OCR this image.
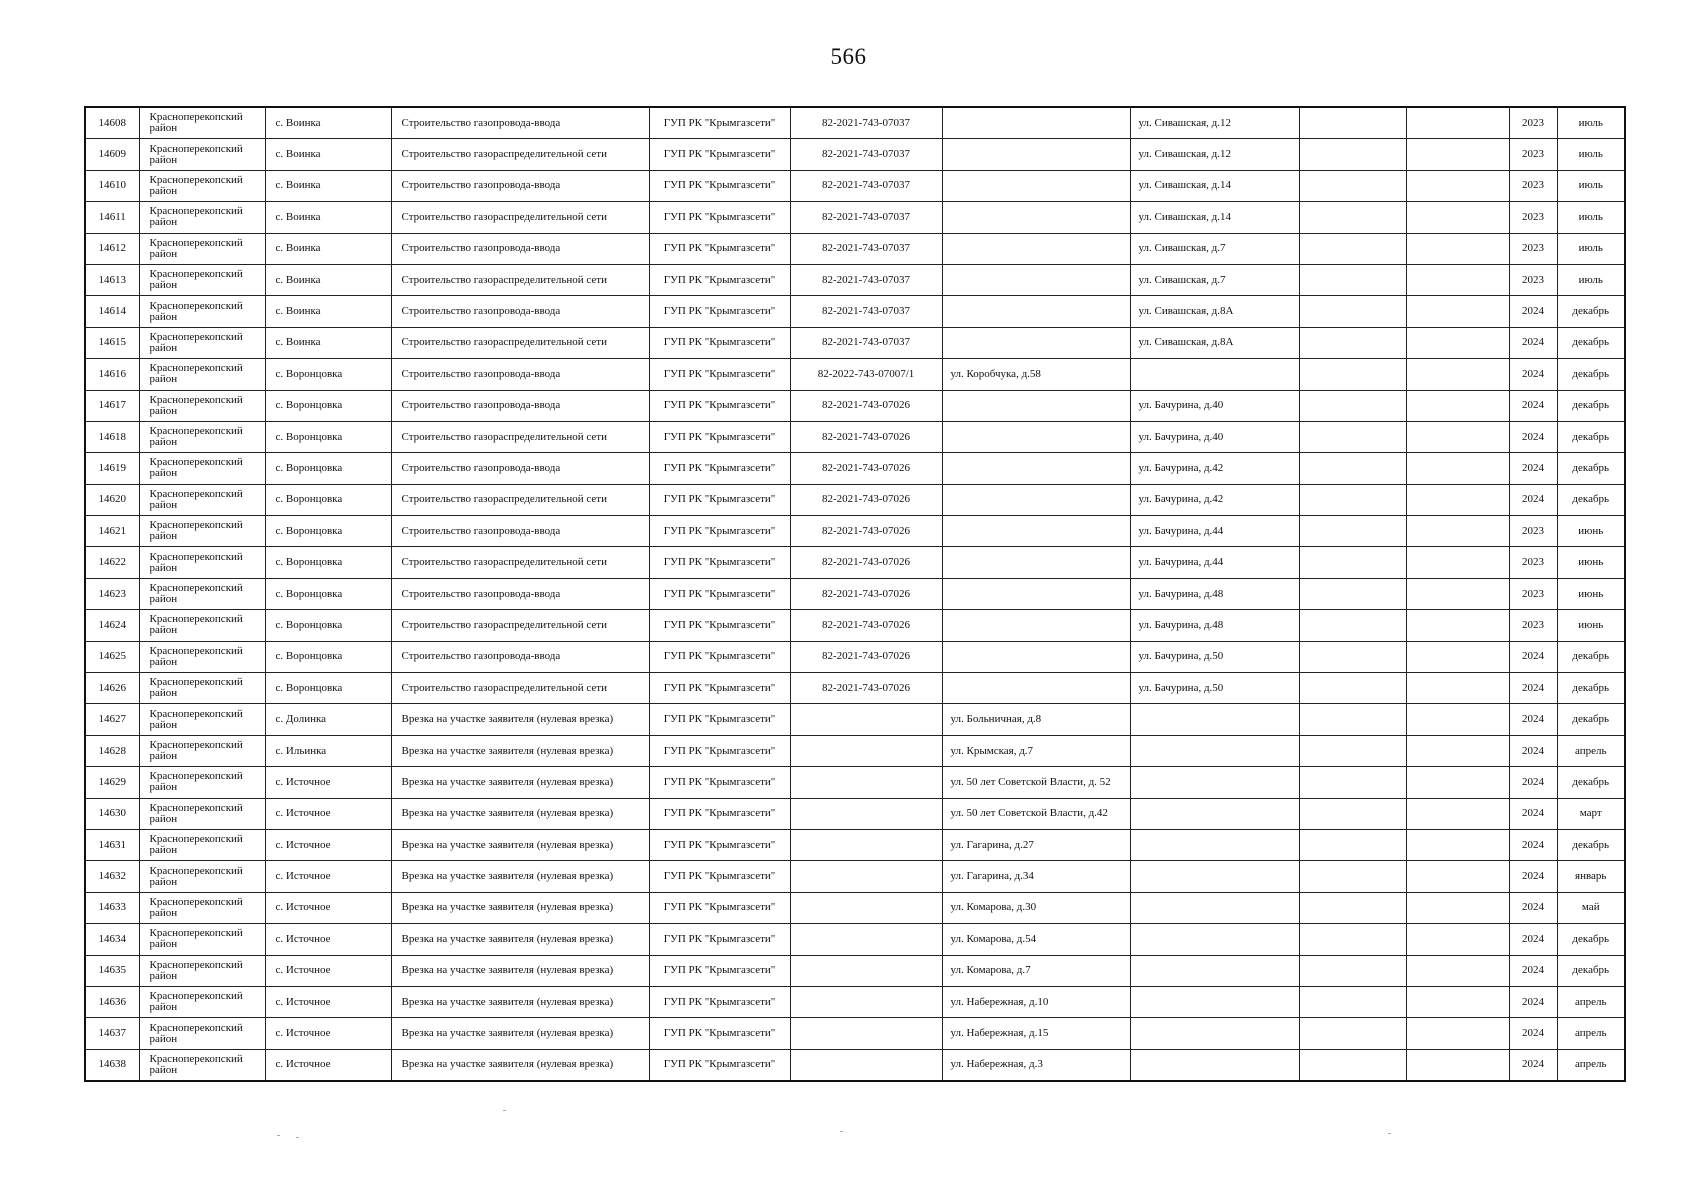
566
14608	Красноперекопский район	с. Воинка	Строительство газопровода-ввода	ГУП РК "Крымгазсети"	82-2021-743-07037		ул. Сивашская, д.12			2023	июль
14609	Красноперекопский район	с. Воинка	Строительство газораспределительной сети	ГУП РК "Крымгазсети"	82-2021-743-07037		ул. Сивашская, д.12			2023	июль
14610	Красноперекопский район	с. Воинка	Строительство газопровода-ввода	ГУП РК "Крымгазсети"	82-2021-743-07037		ул. Сивашская, д.14			2023	июль
14611	Красноперекопский район	с. Воинка	Строительство газораспределительной сети	ГУП РК "Крымгазсети"	82-2021-743-07037		ул. Сивашская, д.14			2023	июль
14612	Красноперекопский район	с. Воинка	Строительство газопровода-ввода	ГУП РК "Крымгазсети"	82-2021-743-07037		ул. Сивашская, д.7			2023	июль
14613	Красноперекопский район	с. Воинка	Строительство газораспределительной сети	ГУП РК "Крымгазсети"	82-2021-743-07037		ул. Сивашская, д.7			2023	июль
14614	Красноперекопский район	с. Воинка	Строительство газопровода-ввода	ГУП РК "Крымгазсети"	82-2021-743-07037		ул. Сивашская, д.8А			2024	декабрь
14615	Красноперекопский район	с. Воинка	Строительство газораспределительной сети	ГУП РК "Крымгазсети"	82-2021-743-07037		ул. Сивашская, д.8А			2024	декабрь
14616	Красноперекопский район	с. Воронцовка	Строительство газопровода-ввода	ГУП РК "Крымгазсети"	82-2022-743-07007/1	ул. Коробчука, д.58				2024	декабрь
14617	Красноперекопский район	с. Воронцовка	Строительство газопровода-ввода	ГУП РК "Крымгазсети"	82-2021-743-07026		ул. Бачурина, д.40			2024	декабрь
14618	Красноперекопский район	с. Воронцовка	Строительство газораспределительной сети	ГУП РК "Крымгазсети"	82-2021-743-07026		ул. Бачурина, д.40			2024	декабрь
14619	Красноперекопский район	с. Воронцовка	Строительство газопровода-ввода	ГУП РК "Крымгазсети"	82-2021-743-07026		ул. Бачурина, д.42			2024	декабрь
14620	Красноперекопский район	с. Воронцовка	Строительство газораспределительной сети	ГУП РК "Крымгазсети"	82-2021-743-07026		ул. Бачурина, д.42			2024	декабрь
14621	Красноперекопский район	с. Воронцовка	Строительство газопровода-ввода	ГУП РК "Крымгазсети"	82-2021-743-07026		ул. Бачурина, д.44			2023	июнь
14622	Красноперекопский район	с. Воронцовка	Строительство газораспределительной сети	ГУП РК "Крымгазсети"	82-2021-743-07026		ул. Бачурина, д.44			2023	июнь
14623	Красноперекопский район	с. Воронцовка	Строительство газопровода-ввода	ГУП РК "Крымгазсети"	82-2021-743-07026		ул. Бачурина, д.48			2023	июнь
14624	Красноперекопский район	с. Воронцовка	Строительство газораспределительной сети	ГУП РК "Крымгазсети"	82-2021-743-07026		ул. Бачурина, д.48			2023	июнь
14625	Красноперекопский район	с. Воронцовка	Строительство газопровода-ввода	ГУП РК "Крымгазсети"	82-2021-743-07026		ул. Бачурина, д.50			2024	декабрь
14626	Красноперекопский район	с. Воронцовка	Строительство газораспределительной сети	ГУП РК "Крымгазсети"	82-2021-743-07026		ул. Бачурина, д.50			2024	декабрь
14627	Красноперекопский район	с. Долинка	Врезка на участке заявителя (нулевая врезка)	ГУП РК "Крымгазсети"		ул. Больничная, д.8				2024	декабрь
14628	Красноперекопский район	с. Ильинка	Врезка на участке заявителя (нулевая врезка)	ГУП РК "Крымгазсети"		ул. Крымская, д.7				2024	апрель
14629	Красноперекопский район	с. Источное	Врезка на участке заявителя (нулевая врезка)	ГУП РК "Крымгазсети"		ул. 50 лет Советской Власти, д. 52				2024	декабрь
14630	Красноперекопский район	с. Источное	Врезка на участке заявителя (нулевая врезка)	ГУП РК "Крымгазсети"		ул. 50 лет Советской Власти, д.42				2024	март
14631	Красноперекопский район	с. Источное	Врезка на участке заявителя (нулевая врезка)	ГУП РК "Крымгазсети"		ул. Гагарина, д.27				2024	декабрь
14632	Красноперекопский район	с. Источное	Врезка на участке заявителя (нулевая врезка)	ГУП РК "Крымгазсети"		ул. Гагарина, д.34				2024	январь
14633	Красноперекопский район	с. Источное	Врезка на участке заявителя (нулевая врезка)	ГУП РК "Крымгазсети"		ул. Комарова, д.30				2024	май
14634	Красноперекопский район	с. Источное	Врезка на участке заявителя (нулевая врезка)	ГУП РК "Крымгазсети"		ул. Комарова, д.54				2024	декабрь
14635	Красноперекопский район	с. Источное	Врезка на участке заявителя (нулевая врезка)	ГУП РК "Крымгазсети"		ул. Комарова, д.7				2024	декабрь
14636	Красноперекопский район	с. Источное	Врезка на участке заявителя (нулевая врезка)	ГУП РК "Крымгазсети"		ул. Набережная, д.10				2024	апрель
14637	Красноперекопский район	с. Источное	Врезка на участке заявителя (нулевая врезка)	ГУП РК "Крымгазсети"		ул. Набережная, д.15				2024	апрель
14638	Красноперекопский район	с. Источное	Врезка на участке заявителя (нулевая врезка)	ГУП РК "Крымгазсети"		ул. Набережная, д.3				2024	апрель
